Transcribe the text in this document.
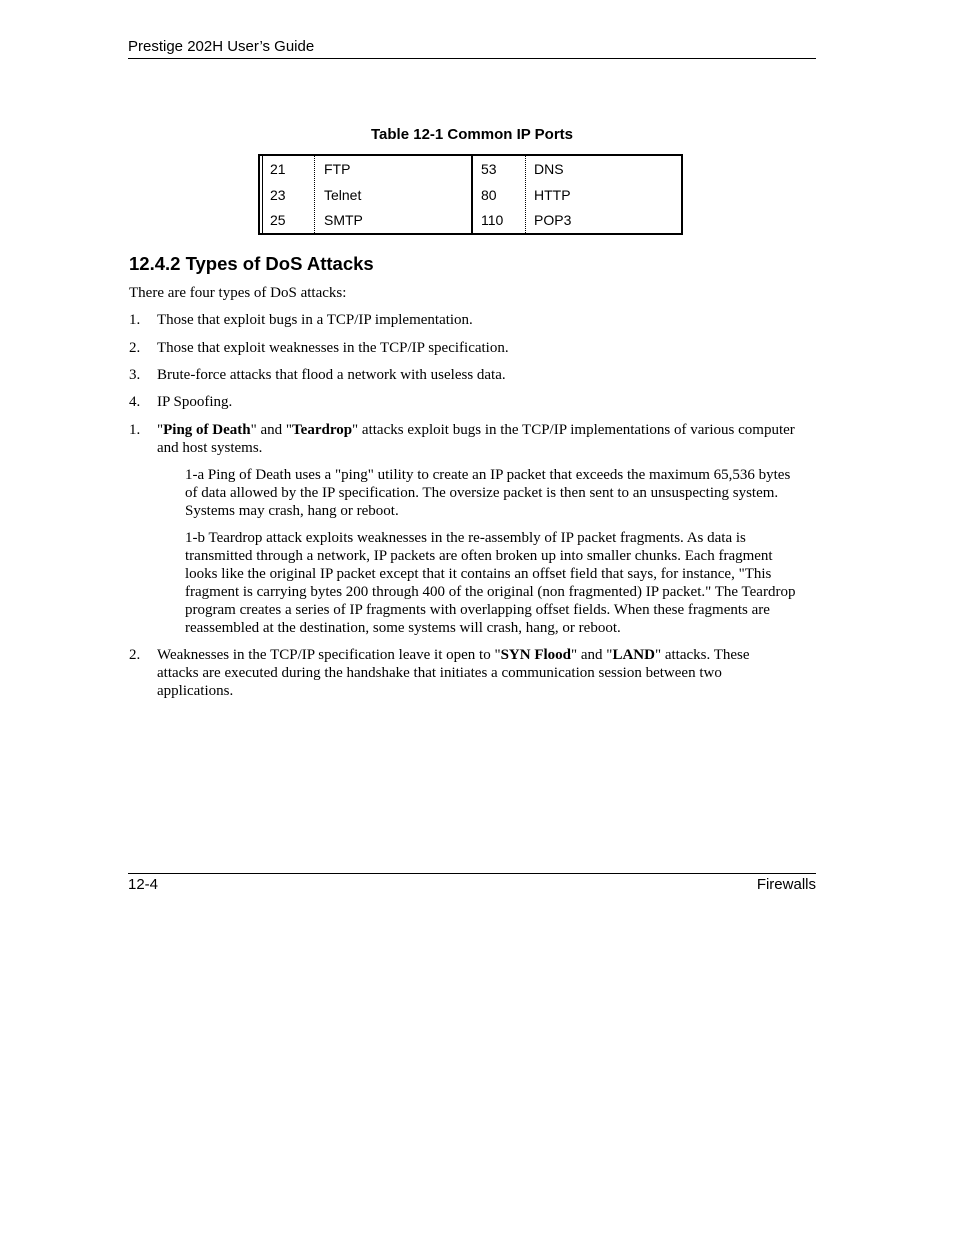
Prestige 202H User’s Guide
Table 12-1 Common IP Ports
21	FTP	53	DNS
23	Telnet	80	HTTP
25	SMTP	110 POP3
12.4.2 Types of DoS Attacks
There are four types of DoS attacks:
1. Those that exploit bugs in a TCP/IP implementation.
2. Those that exploit weaknesses in the TCP/IP specification.
3. Brute-force attacks that flood a network with useless data.
4. IP Spoofing.
1. "Ping of Death" and "Teardrop" attacks exploit bugs in the TCP/IP implementations of various computer and host systems.
1-a Ping of Death uses a "ping" utility to create an IP packet that exceeds the maximum 65,536 bytes of data allowed by the IP specification. The oversize packet is then sent to an unsuspecting system. Systems may crash, hang or reboot.
1-b Teardrop attack exploits weaknesses in the re-assembly of IP packet fragments. As data is transmitted through a network, IP packets are often broken up into smaller chunks. Each fragment looks like the original IP packet except that it contains an offset field that says, for instance, "This fragment is carrying bytes 200 through 400 of the original (non fragmented) IP packet." The Teardrop program creates a series of IP fragments with overlapping offset fields. When these fragments are reassembled at the destination, some systems will crash, hang, or reboot.
2. Weaknesses in the TCP/IP specification leave it open to "SYN Flood" and "LAND" attacks. These attacks are executed during the handshake that initiates a communication session between two applications.
12-4	Firewalls
